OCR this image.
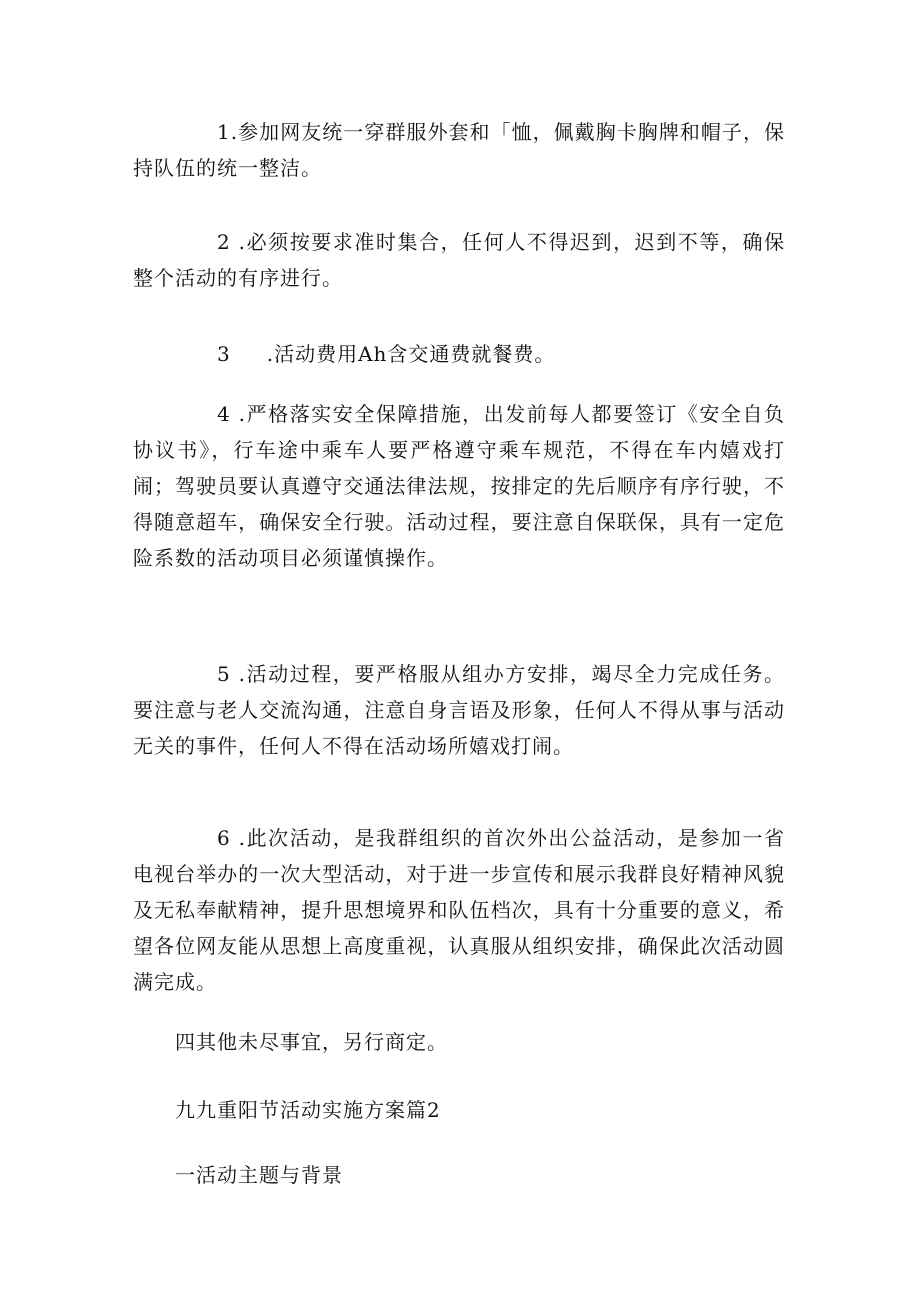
1.参加网友统一穿群服外套和「恤，佩戴胸卡胸牌和帽子，保持队伍的统一整洁。

2 .必须按要求准时集合，任何人不得迟到，迟到不等，确保整个活动的有序进行。

3 .活动费用Ah含交通费就餐费。

4 .严格落实安全保障措施，出发前每人都要签订《安全自负协议书》，行车途中乘车人要严格遵守乘车规范，不得在车内嬉戏打闹；驾驶员要认真遵守交通法律法规，按排定的先后顺序有序行驶，不得随意超车，确保安全行驶。活动过程，要注意自保联保，具有一定危险系数的活动项目必须谨慎操作。

5 .活动过程，要严格服从组办方安排，竭尽全力完成任务。要注意与老人交流沟通，注意自身言语及形象，任何人不得从事与活动无关的事件，任何人不得在活动场所嬉戏打闹。

6 .此次活动，是我群组织的首次外出公益活动，是参加一省电视台举办的一次大型活动，对于进一步宣传和展示我群良好精神风貌及无私奉献精神，提升思想境界和队伍档次，具有十分重要的意义，希望各位网友能从思想上高度重视，认真服从组织安排，确保此次活动圆满完成。

四其他未尽事宜，另行商定。

九九重阳节活动实施方案篇2

一活动主题与背景
